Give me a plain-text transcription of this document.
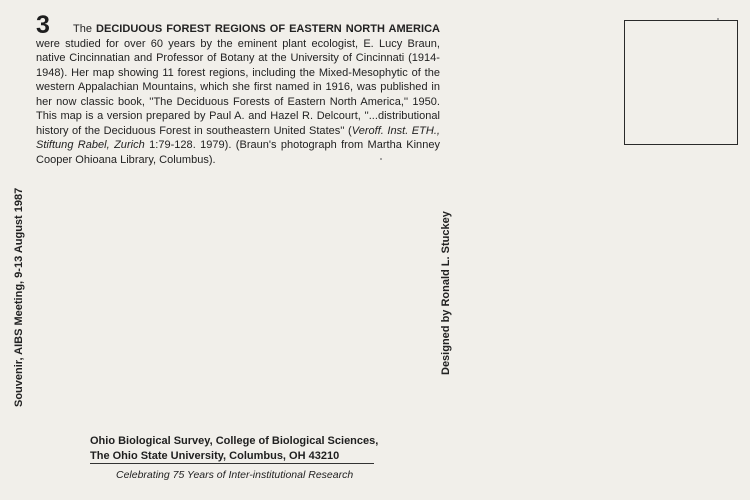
3	The DECIDUOUS FOREST REGIONS OF EASTERN NORTH AMERICA were studied for over 60 years by the eminent plant ecologist, E. Lucy Braun, native Cincinnatian and Professor of Botany at the University of Cincinnati (1914-1948). Her map showing 11 forest regions, including the Mixed-Mesophytic of the western Appalachian Mountains, which she first named in 1916, was published in her now classic book, ''The Deciduous Forests of Eastern North America,'' 1950. This map is a version prepared by Paul A. and Hazel R. Delcourt, ''...distributional history of the Deciduous Forest in southeastern United States'' (Veroff. Inst. ETH., Stiftung Rabel, Zurich 1:79-128. 1979). (Braun's photograph from Martha Kinney Cooper Ohioana Library, Columbus).
Souvenir, AIBS Meeting, 9-13 August 1987	Designed by Ronald L. Stuckey
Ohio Biological Survey, College of Biological Sciences,
The Ohio State University, Columbus, OH 43210
Celebrating 75 Years of Inter-institutional Research
